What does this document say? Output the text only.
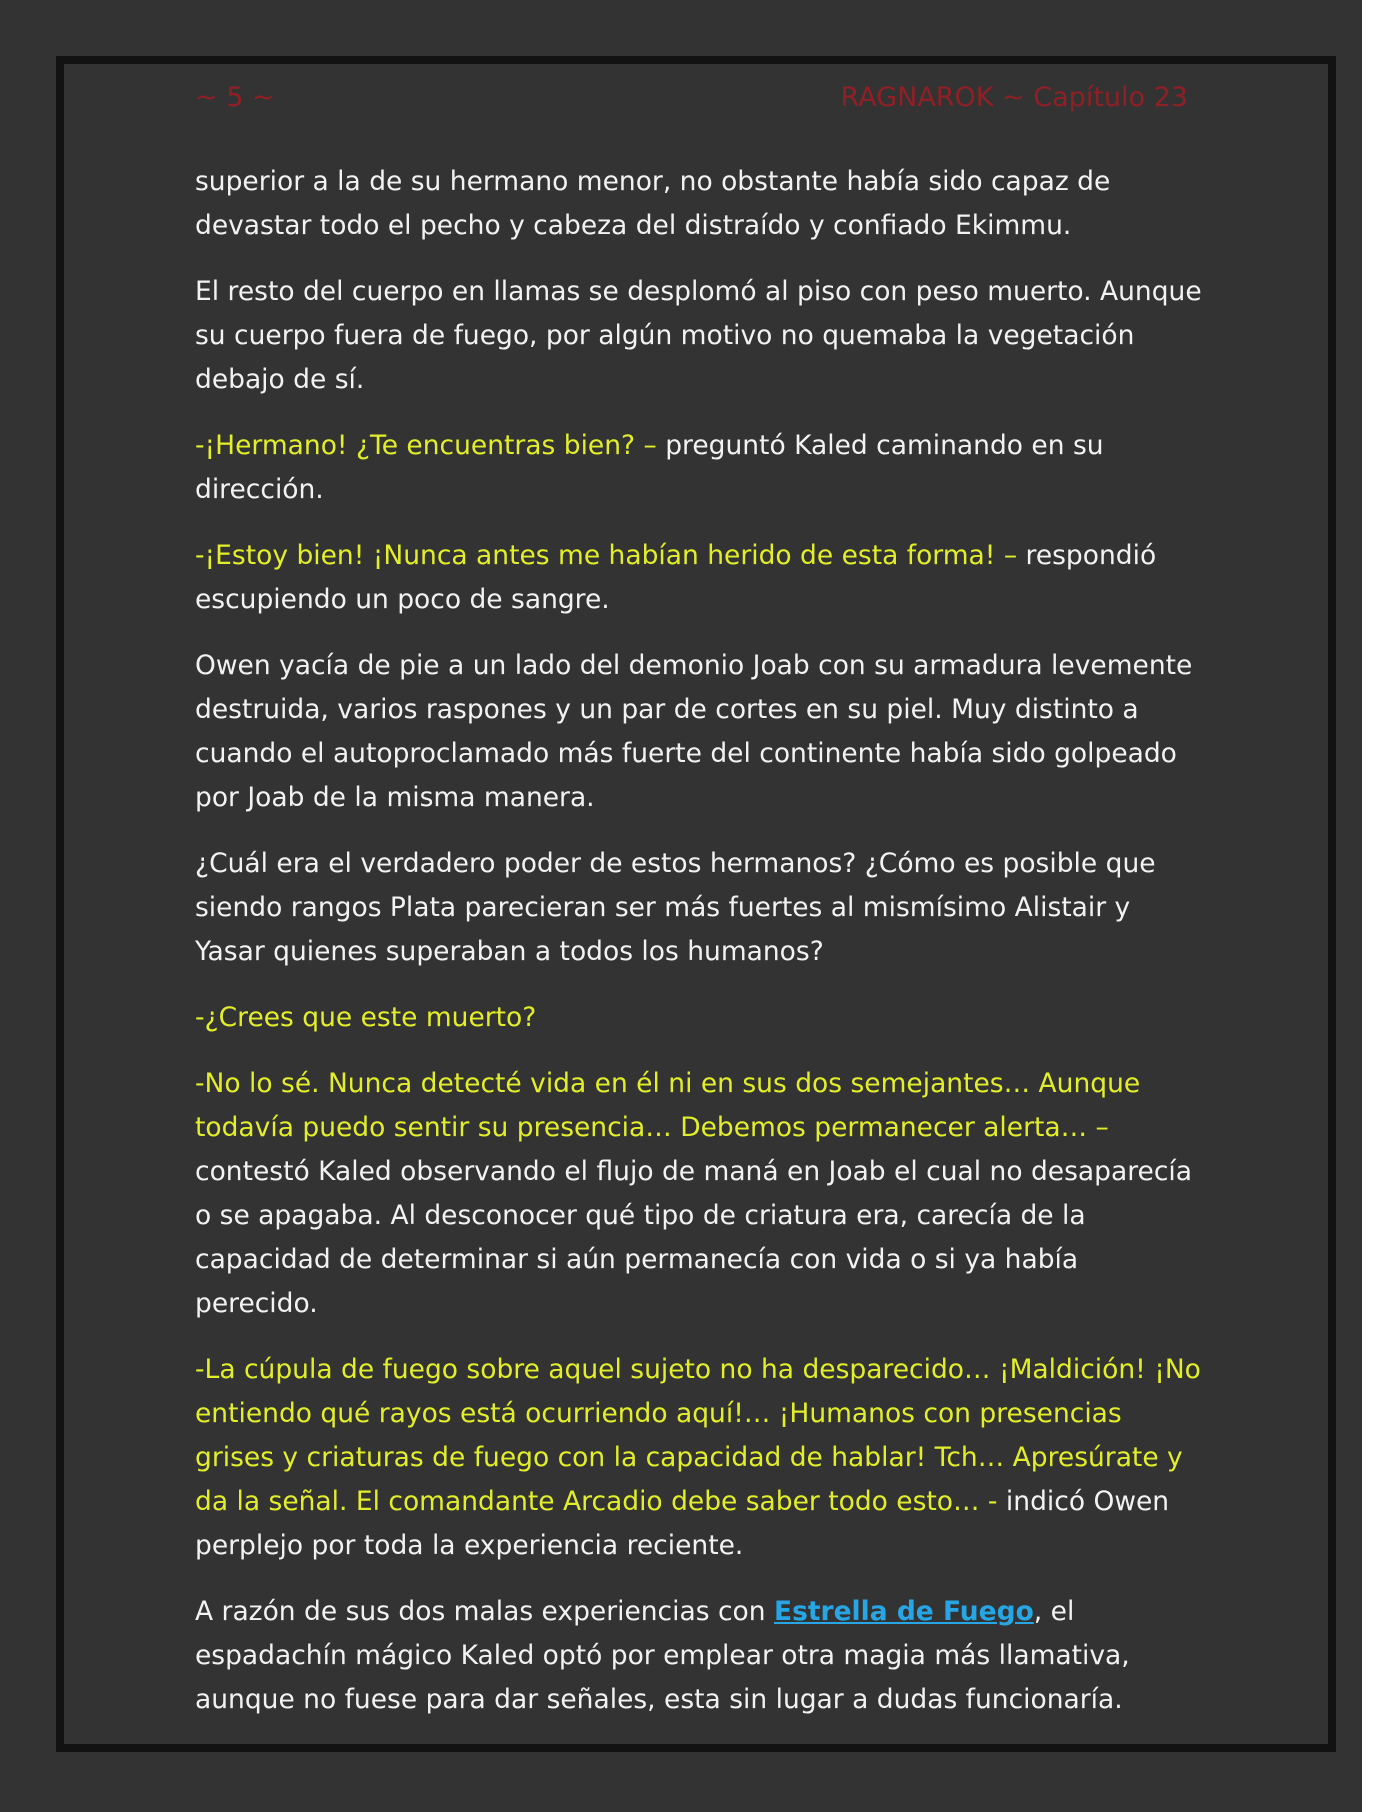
~ 5 ~	RAGNAROK ~ Capítulo 23

superior a la de su hermano menor, no obstante había sido capaz de devastar todo el pecho y cabeza del distraído y confiado Ekimmu.

El resto del cuerpo en llamas se desplomó al piso con peso muerto. Aunque su cuerpo fuera de fuego, por algún motivo no quemaba la vegetación debajo de sí.

-¡Hermano! ¿Te encuentras bien? – preguntó Kaled caminando en su dirección.

-¡Estoy bien! ¡Nunca antes me habían herido de esta forma! – respondió escupiendo un poco de sangre.

Owen yacía de pie a un lado del demonio Joab con su armadura levemente destruida, varios raspones y un par de cortes en su piel. Muy distinto a cuando el autoproclamado más fuerte del continente había sido golpeado por Joab de la misma manera.

¿Cuál era el verdadero poder de estos hermanos? ¿Cómo es posible que siendo rangos Plata parecieran ser más fuertes al mismísimo Alistair y Yasar quienes superaban a todos los humanos?

-¿Crees que este muerto?

-No lo sé. Nunca detecté vida en él ni en sus dos semejantes… Aunque todavía puedo sentir su presencia… Debemos permanecer alerta… – contestó Kaled observando el flujo de maná en Joab el cual no desaparecía o se apagaba. Al desconocer qué tipo de criatura era, carecía de la capacidad de determinar si aún permanecía con vida o si ya había perecido.

-La cúpula de fuego sobre aquel sujeto no ha desparecido… ¡Maldición! ¡No entiendo qué rayos está ocurriendo aquí!… ¡Humanos con presencias grises y criaturas de fuego con la capacidad de hablar! Tch… Apresúrate y da la señal. El comandante Arcadio debe saber todo esto… - indicó Owen perplejo por toda la experiencia reciente.

A razón de sus dos malas experiencias con Estrella de Fuego, el espadachín mágico Kaled optó por emplear otra magia más llamativa, aunque no fuese para dar señales, esta sin lugar a dudas funcionaría.
